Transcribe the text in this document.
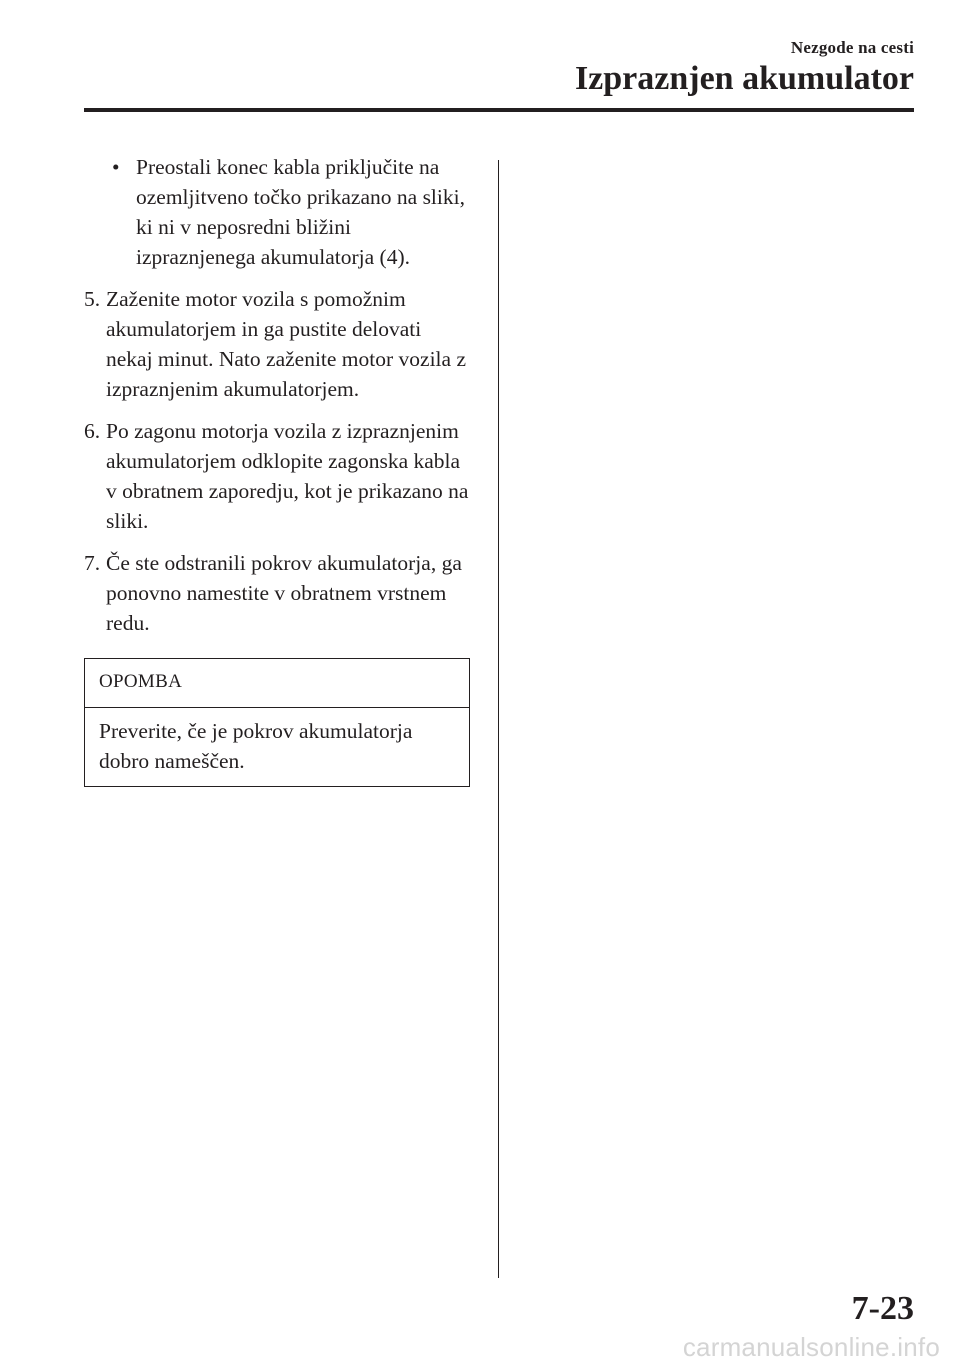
Nezgode na cesti
Izpraznjen akumulator
• Preostali konec kabla priključite na ozemljitveno točko prikazano na sliki, ki ni v neposredni bližini izpraznjenega akumulatorja (4).
5. Zaženite motor vozila s pomožnim akumulatorjem in ga pustite delovati nekaj minut. Nato zaženite motor vozila z izpraznjenim akumulatorjem.
6. Po zagonu motorja vozila z izpraznjenim akumulatorjem odklopite zagonska kabla v obratnem zaporedju, kot je prikazano na sliki.
7. Če ste odstranili pokrov akumulatorja, ga ponovno namestite v obratnem vrstnem redu.
OPOMBA
Preverite, če je pokrov akumulatorja dobro nameščen.
7-23
carmanualsonline.info
